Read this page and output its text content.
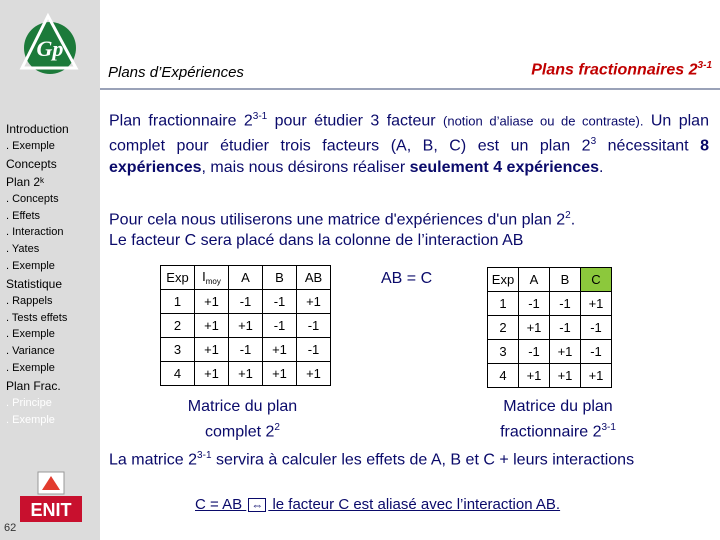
Gp
Introduction
. Exemple
Concepts
Plan 2ᵏ
. Concepts
. Effets
. Interaction
. Yates
. Exemple
Statistique
. Rappels
. Tests effets
. Exemple
. Variance
. Exemple
Plan Frac.
. Principe
. Exemple
ENIT
62
Plans d’Expériences	Plans fractionnaires 2$^{3-1}$
Plan fractionnaire 2$^{3-1}$ pour étudier 3 facteur (notion d’aliase ou de contraste). Un plan complet pour étudier trois facteurs (A, B, C) est un plan $2^3$ nécessitant 8 expériences, mais nous désirons réaliser seulement 4 expériences.
Pour cela nous utiliserons une matrice d'expériences d'un plan $2^2$.
Le facteur C sera placé dans la colonne de l’interaction AB
Exp	$I_{moy}$	A	B	AB
1	+1	-1	-1	+1
2	+1	+1	-1	-1
3	+1	-1	+1	-1
4	+1	+1	+1	+1
AB = C	Exp	A	B	C
1	-1	-1	+1
2	+1	-1	-1
3	-1	+1	-1
4	+1	+1	+1
Matrice du plan
complet $2^2$
Matrice du plan
fractionnaire 2$^{3-1}$
La matrice 2$^{3-1}$ servira à calculer les effets de A, B et C + leurs interactions
C = AB ⇔ le facteur C est aliasé avec l’interaction AB.
